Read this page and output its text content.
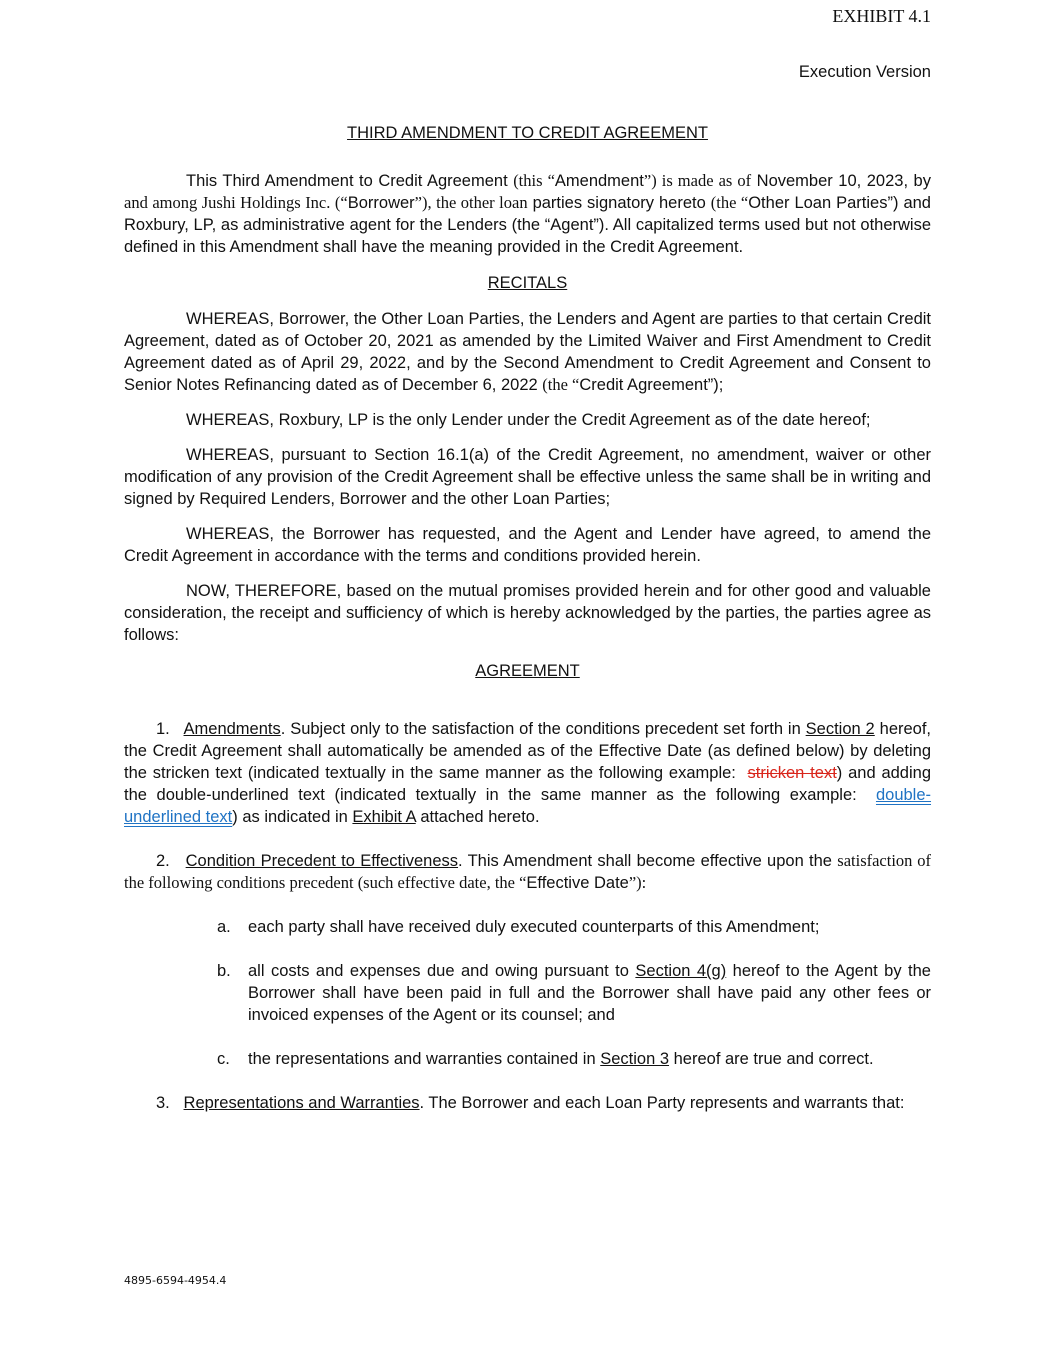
EXHIBIT 4.1
Execution Version
THIRD AMENDMENT TO CREDIT AGREEMENT

This Third Amendment to Credit Agreement (this “Amendment”) is made as of November 10, 2023, by and among Jushi Holdings Inc. (“Borrower”), the other loan parties signatory hereto (the “Other Loan Parties”) and Roxbury, LP, as administrative agent for the Lenders (the “Agent”). All capitalized terms used but not otherwise defined in this Amendment shall have the meaning provided in the Credit Agreement.

RECITALS

WHEREAS, Borrower, the Other Loan Parties, the Lenders and Agent are parties to that certain Credit Agreement, dated as of October 20, 2021 as amended by the Limited Waiver and First Amendment to Credit Agreement dated as of April 29, 2022, and by the Second Amendment to Credit Agreement and Consent to Senior Notes Refinancing dated as of December 6, 2022 (the “Credit Agreement”);

WHEREAS, Roxbury, LP is the only Lender under the Credit Agreement as of the date hereof;

WHEREAS, pursuant to Section 16.1(a) of the Credit Agreement, no amendment, waiver or other modification of any provision of the Credit Agreement shall be effective unless the same shall be in writing and signed by Required Lenders, Borrower and the other Loan Parties;

WHEREAS, the Borrower has requested, and the Agent and Lender have agreed, to amend the Credit Agreement in accordance with the terms and conditions provided herein.

NOW, THEREFORE, based on the mutual promises provided herein and for other good and valuable consideration, the receipt and sufficiency of which is hereby acknowledged by the parties, the parties agree as follows:

AGREEMENT

1. Amendments. Subject only to the satisfaction of the conditions precedent set forth in Section 2 hereof, the Credit Agreement shall automatically be amended as of the Effective Date (as defined below) by deleting the stricken text (indicated textually in the same manner as the following example: stricken text) and adding the double-underlined text (indicated textually in the same manner as the following example: double-underlined text) as indicated in Exhibit A attached hereto.

2. Condition Precedent to Effectiveness. This Amendment shall become effective upon the satisfaction of the following conditions precedent (such effective date, the “Effective Date”):

a. each party shall have received duly executed counterparts of this Amendment;
b. all costs and expenses due and owing pursuant to Section 4(g) hereof to the Agent by the Borrower shall have been paid in full and the Borrower shall have paid any other fees or invoiced expenses of the Agent or its counsel; and
c. the representations and warranties contained in Section 3 hereof are true and correct.

3. Representations and Warranties. The Borrower and each Loan Party represents and warrants that:

4895-6594-4954.4
